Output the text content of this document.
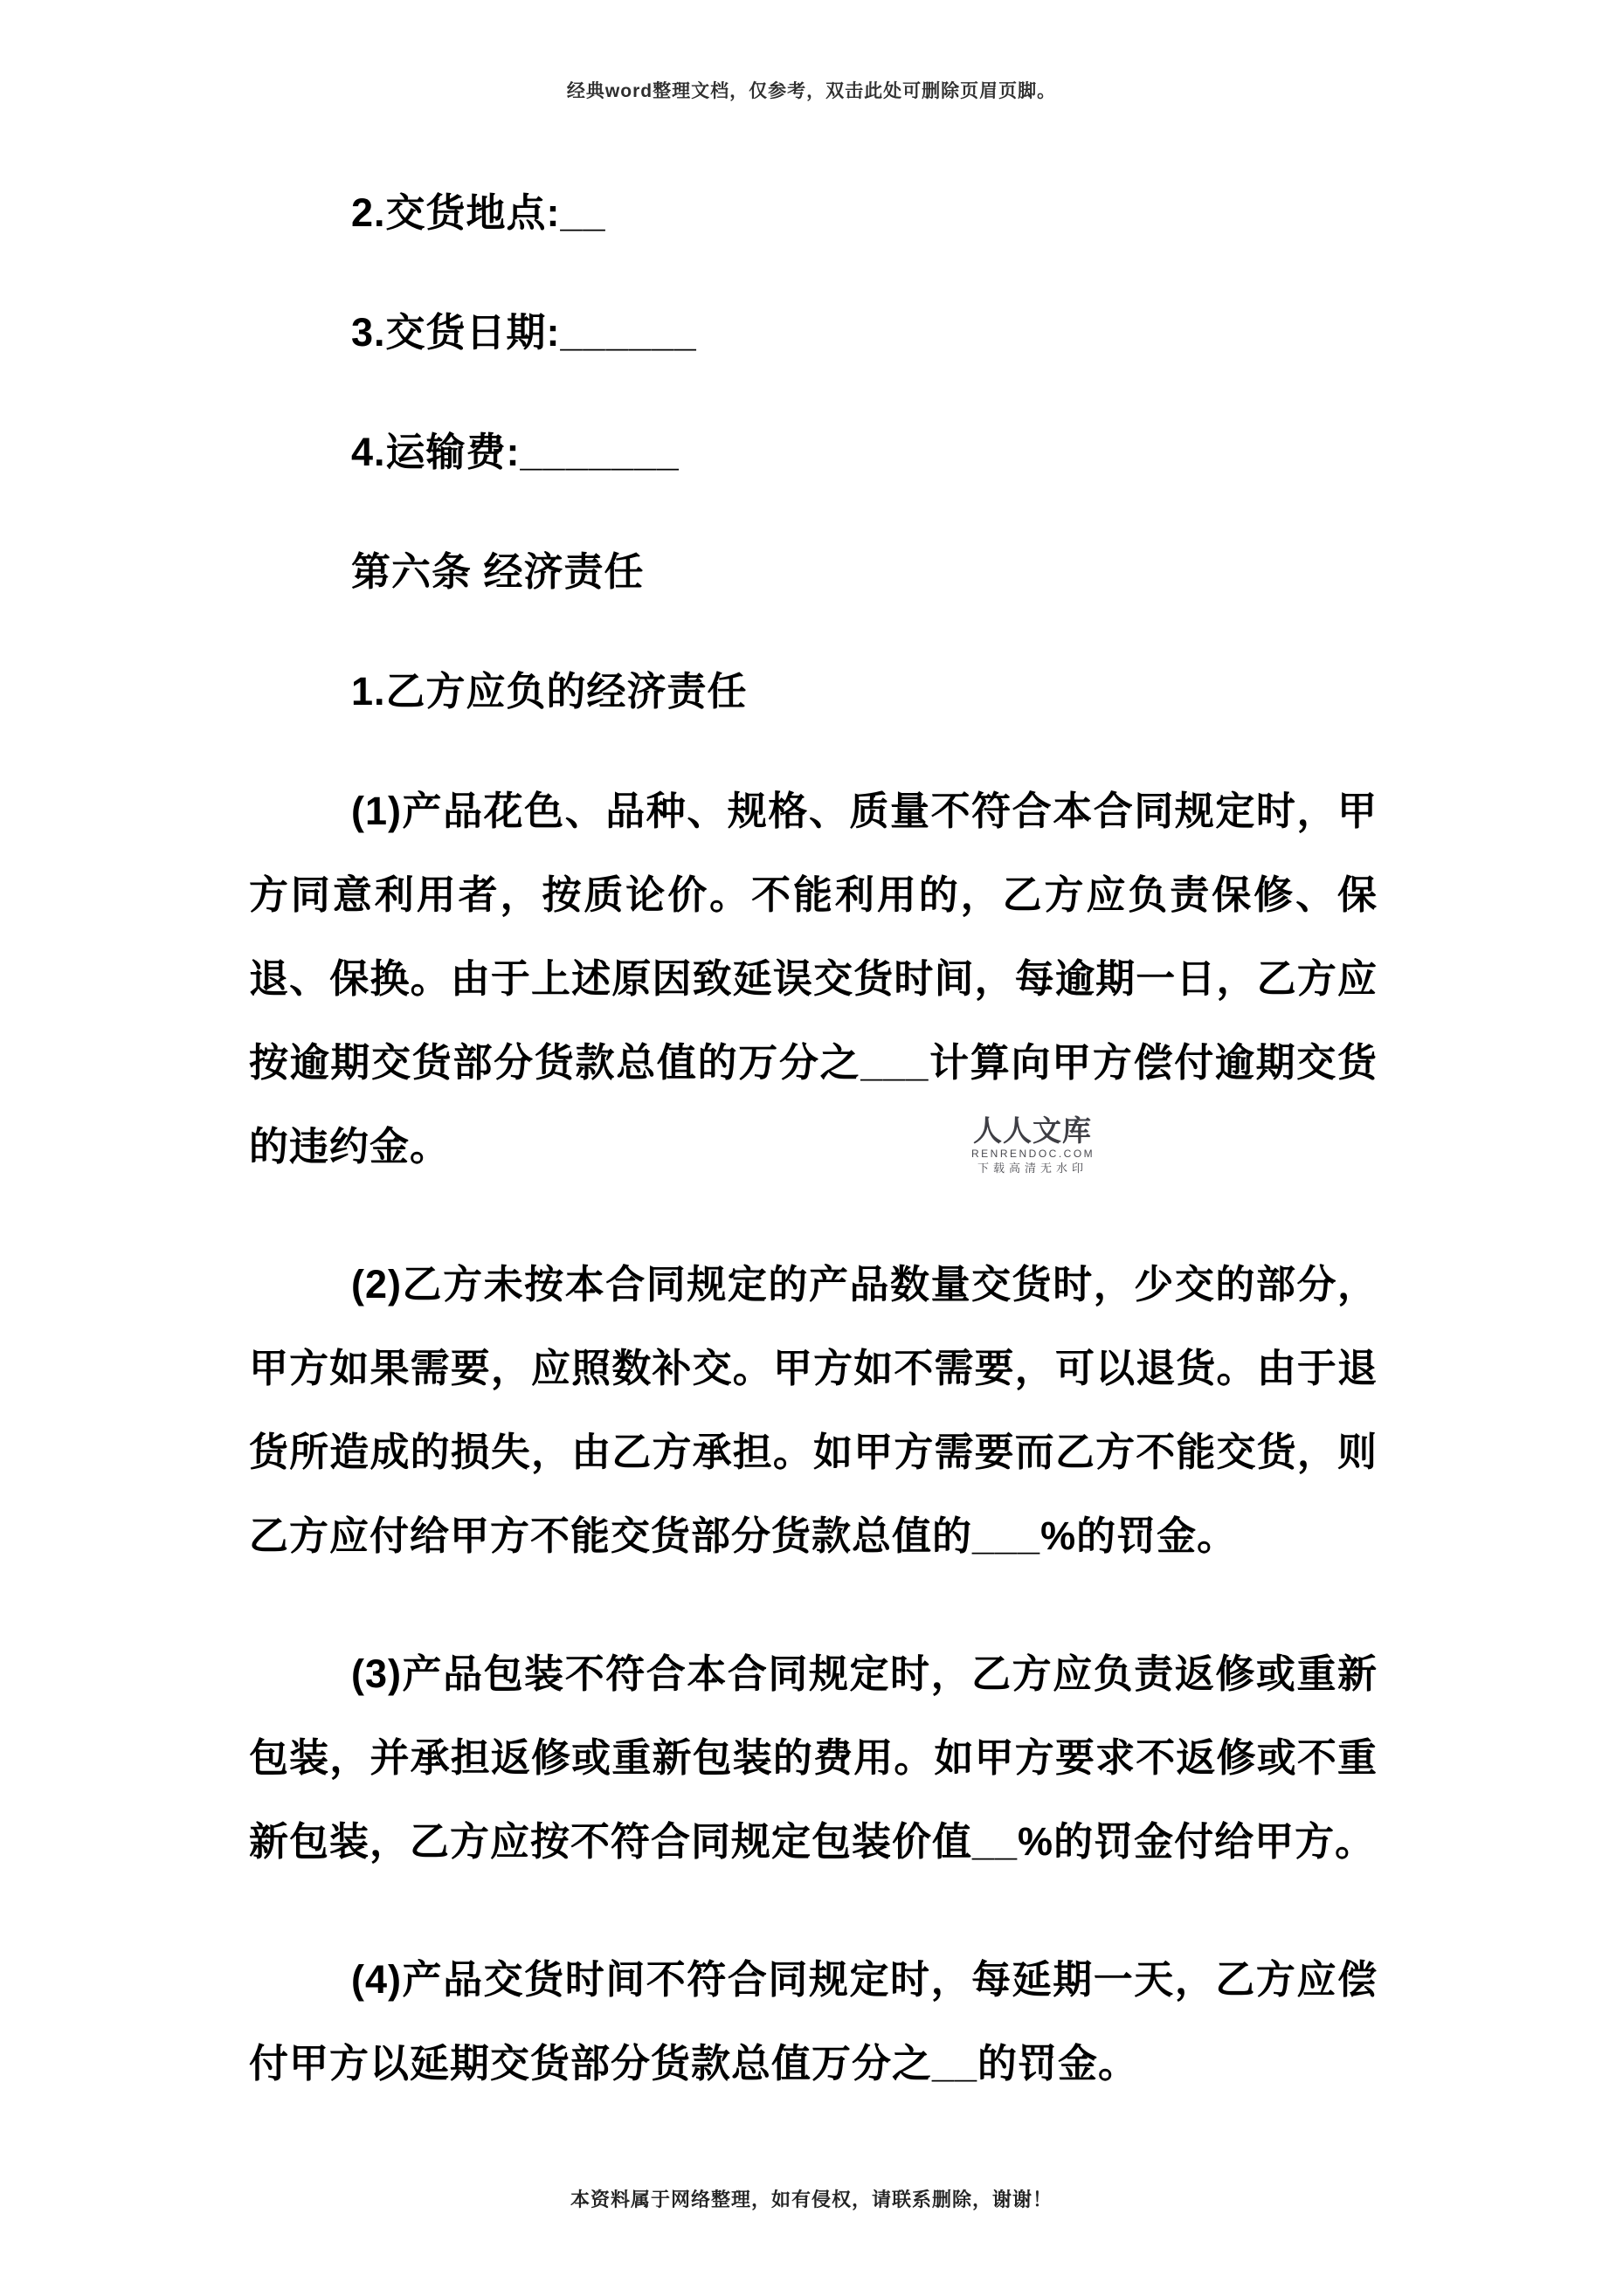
经典word整理文档，仅参考，双击此处可删除页眉页脚。

2.交货地点:__

3.交货日期:______

4.运输费:_______

第六条 经济责任

1.乙方应负的经济责任

(1)产品花色、品种、规格、质量不符合本合同规定时，甲方同意利用者，按质论价。不能利用的，乙方应负责保修、保退、保换。由于上述原因致延误交货时间，每逾期一日，乙方应按逾期交货部分货款总值的万分之___计算向甲方偿付逾期交货的违约金。

(2)乙方未按本合同规定的产品数量交货时，少交的部分，甲方如果需要，应照数补交。甲方如不需要，可以退货。由于退货所造成的损失，由乙方承担。如甲方需要而乙方不能交货，则乙方应付给甲方不能交货部分货款总值的___%的罚金。

(3)产品包装不符合本合同规定时，乙方应负责返修或重新包装，并承担返修或重新包装的费用。如甲方要求不返修或不重新包装，乙方应按不符合同规定包装价值__%的罚金付给甲方。

(4)产品交货时间不符合同规定时，每延期一天，乙方应偿付甲方以延期交货部分货款总值万分之__的罚金。

人人文库
RENRENDOC.COM
下载高清无水印
本资料属于网络整理，如有侵权，请联系删除，谢谢！
